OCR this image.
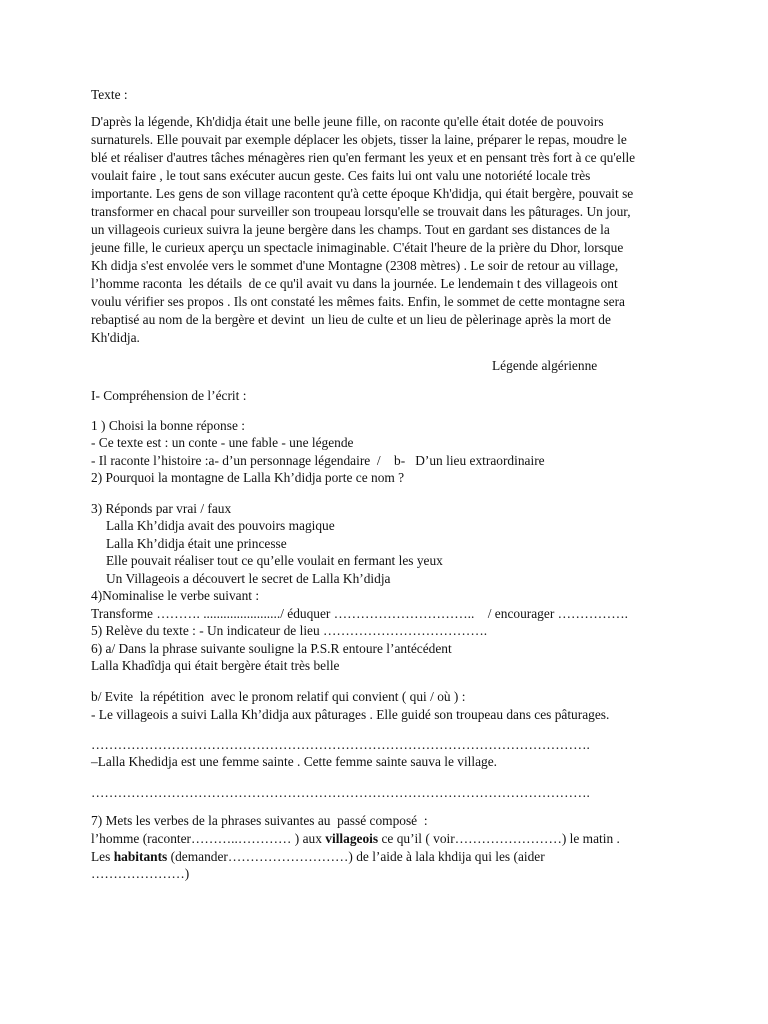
Texte :
D'après la légende, Kh'didja était une belle jeune fille, on raconte qu'elle était dotée de pouvoirs
surnaturels. Elle pouvait par exemple déplacer les objets, tisser la laine, préparer le repas, moudre le
blé et réaliser d'autres tâches ménagères rien qu'en fermant les yeux et en pensant très fort à ce qu'elle
voulait faire , le tout sans exécuter aucun geste. Ces faits lui ont valu une notoriété locale très
importante. Les gens de son village racontent qu'à cette époque Kh'didja, qui était bergère, pouvait se
transformer en chacal pour surveiller son troupeau lorsqu'elle se trouvait dans les pâturages. Un jour,
un villageois curieux suivra la jeune bergère dans les champs. Tout en gardant ses distances de la
jeune fille, le curieux aperçu un spectacle inimaginable. C'était l'heure de la prière du Dhor, lorsque
Kh didja s'est envolée vers le sommet d'une Montagne (2308 mètres) . Le soir de retour au village,
l’homme raconta  les détails  de ce qu'il avait vu dans la journée. Le lendemain t des villageois ont
voulu vérifier ses propos . Ils ont constaté les mêmes faits. Enfin, le sommet de cette montagne sera
rebaptisé au nom de la bergère et devint  un lieu de culte et un lieu de pèlerinage après la mort de
Kh'didja.
Légende algérienne
I- Compréhension de l’écrit :
1 ) Choisi la bonne réponse :
- Ce texte est : un conte - une fable - une légende
- Il raconte l’histoire :a- d’un personnage légendaire  /    b-   D’un lieu extraordinaire
2) Pourquoi la montagne de Lalla Kh’didja porte ce nom ?
3) Réponds par vrai / faux
Lalla Kh’didja avait des pouvoirs magique
Lalla Kh’didja était une princesse
Elle pouvait réaliser tout ce qu’elle voulait en fermant les yeux
Un Villageois a découvert le secret de Lalla Kh’didja
4)Nominalise le verbe suivant :
Transforme ………. ......................./ éduquer …………………………..    / encourager …………….
5) Relève du texte : - Un indicateur de lieu ……………………………….
6) a/ Dans la phrase suivante souligne la P.S.R entoure l’antécédent
Lalla Khadîdja qui était bergère était très belle
b/ Evite  la répétition  avec le pronom relatif qui convient ( qui / où ) :
- Le villageois a suivi Lalla Kh’didja aux pâturages . Elle guidé son troupeau dans ces pâturages.
………………………………………………………………………………………………….
–Lalla Khedidja est une femme sainte . Cette femme sainte sauva le village.
………………………………………………………………………………………………….
7) Mets les verbes de la phrases suivantes au  passé composé  :
l’homme (raconter………..………… ) aux villageois ce qu’il ( voir……………………) le matin .
Les habitants (demander………………………) de l’aide à lala khdija qui les (aider
…………………)
